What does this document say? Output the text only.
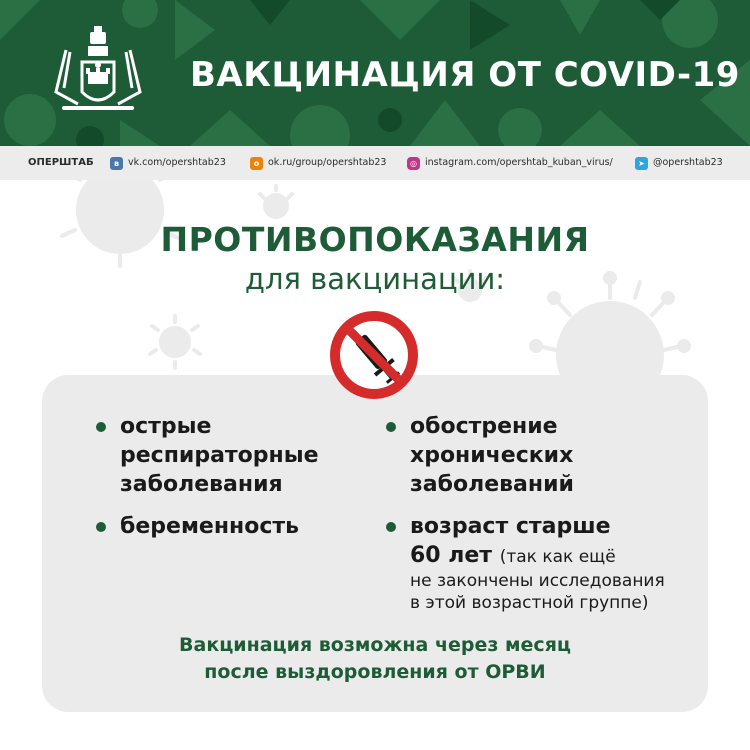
ВАКЦИНАЦИЯ ОТ COVID-19
ОПЕРШТАБ	в vk.com/opershtab23	о ok.ru/group/opershtab23	◎ instagram.com/opershtab_kuban_virus/	➤ @opershtab23
ПРОТИВОПОКАЗАНИЯ
для вакцинации:
острые
респираторные
заболевания
обострение
хронических
заболеваний
беременность	возраст старше
60 лет (так как ещё
не закончены исследования
в этой возрастной группе)
Вакцинация возможна через месяц
после выздоровления от ОРВИ
